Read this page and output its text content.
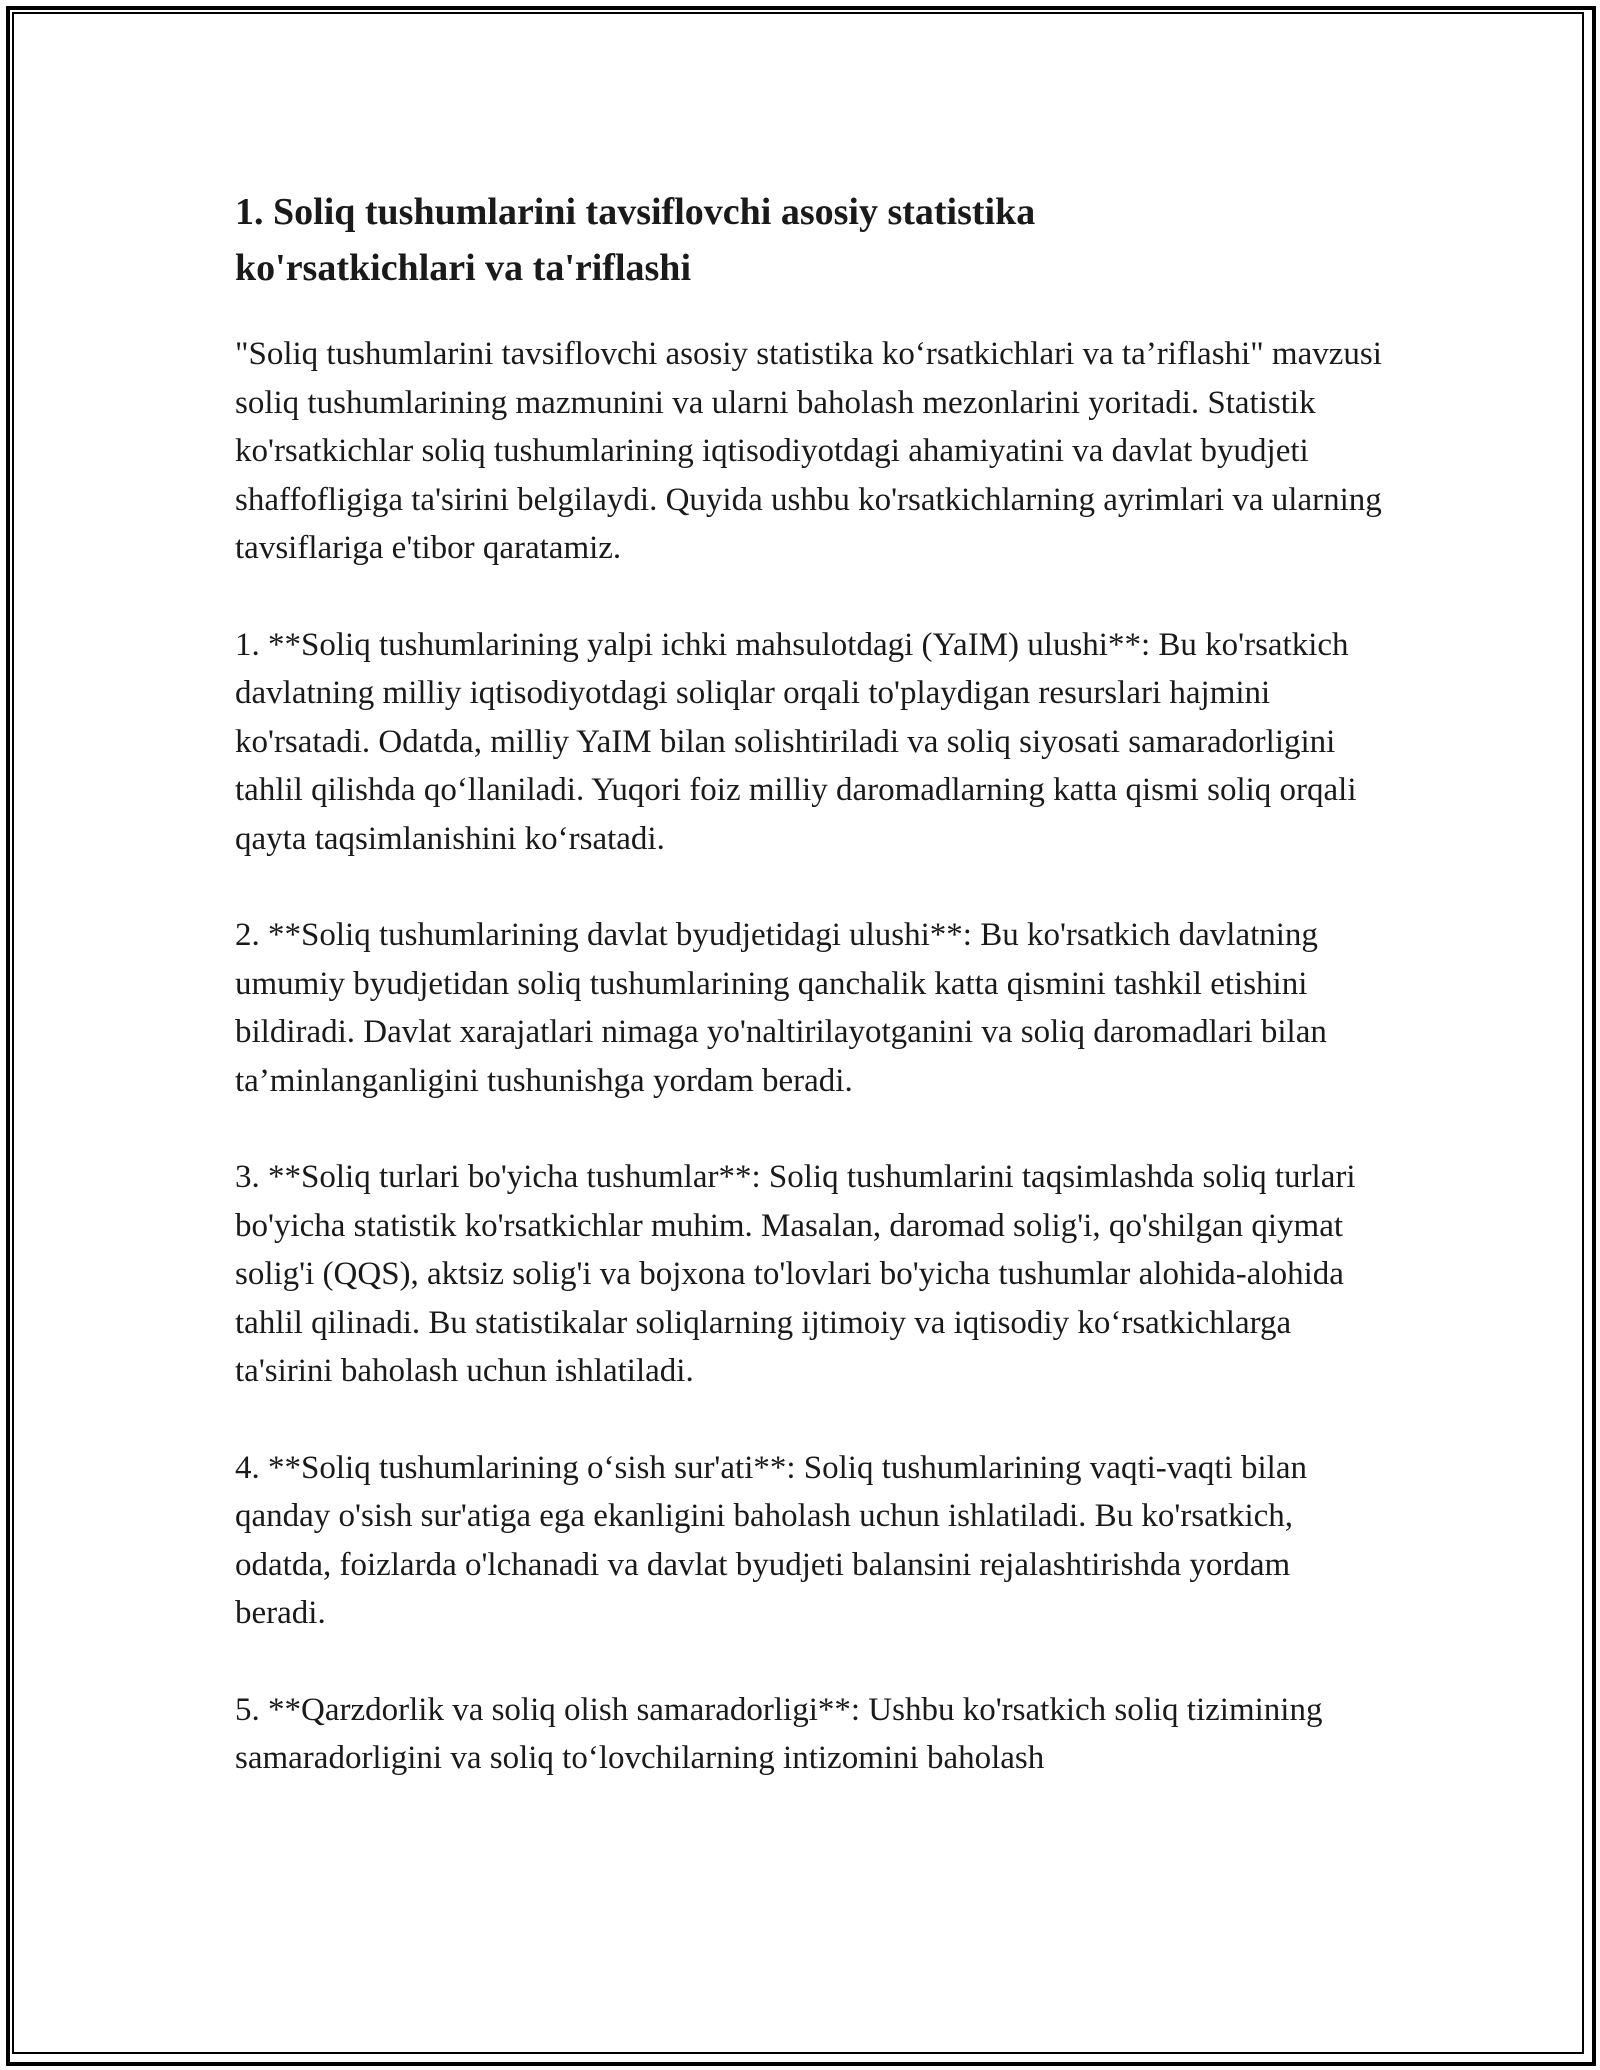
1. Soliq tushumlarini tavsiflovchi asosiy statistika ko'rsatkichlari va ta'riflashi

"Soliq tushumlarini tavsiflovchi asosiy statistika ko‘rsatkichlari va ta’riflashi" mavzusi soliq tushumlarining mazmunini va ularni baholash mezonlarini yoritadi. Statistik ko'rsatkichlar soliq tushumlarining iqtisodiyotdagi ahamiyatini va davlat byudjeti shaffofligiga ta'sirini belgilaydi. Quyida ushbu ko'rsatkichlarning ayrimlari va ularning tavsiflariga e'tibor qaratamiz.

1. **Soliq tushumlarining yalpi ichki mahsulotdagi (YaIM) ulushi**: Bu ko'rsatkich davlatning milliy iqtisodiyotdagi soliqlar orqali to'playdigan resurslari hajmini ko'rsatadi. Odatda, milliy YaIM bilan solishtiriladi va soliq siyosati samaradorligini tahlil qilishda qo‘llaniladi. Yuqori foiz milliy daromadlarning katta qismi soliq orqali qayta taqsimlanishini ko‘rsatadi.

2. **Soliq tushumlarining davlat byudjetidagi ulushi**: Bu ko'rsatkich davlatning umumiy byudjetidan soliq tushumlarining qanchalik katta qismini tashkil etishini bildiradi. Davlat xarajatlari nimaga yo'naltirilayotganini va soliq daromadlari bilan ta’minlanganligini tushunishga yordam beradi.

3. **Soliq turlari bo'yicha tushumlar**: Soliq tushumlarini taqsimlashda soliq turlari bo'yicha statistik ko'rsatkichlar muhim. Masalan, daromad solig'i, qo'shilgan qiymat solig'i (QQS), aktsiz solig'i va bojxona to'lovlari bo'yicha tushumlar alohida-alohida tahlil qilinadi. Bu statistikalar soliqlarning ijtimoiy va iqtisodiy ko‘rsatkichlarga ta'sirini baholash uchun ishlatiladi.

4. **Soliq tushumlarining o‘sish sur'ati**: Soliq tushumlarining vaqti-vaqti bilan qanday o'sish sur'atiga ega ekanligini baholash uchun ishlatiladi. Bu ko'rsatkich, odatda, foizlarda o'lchanadi va davlat byudjeti balansini rejalashtirishda yordam beradi.

5. **Qarzdorlik va soliq olish samaradorligi**: Ushbu ko'rsatkich soliq tizimining samaradorligini va soliq to‘lovchilarning intizomini baholash
